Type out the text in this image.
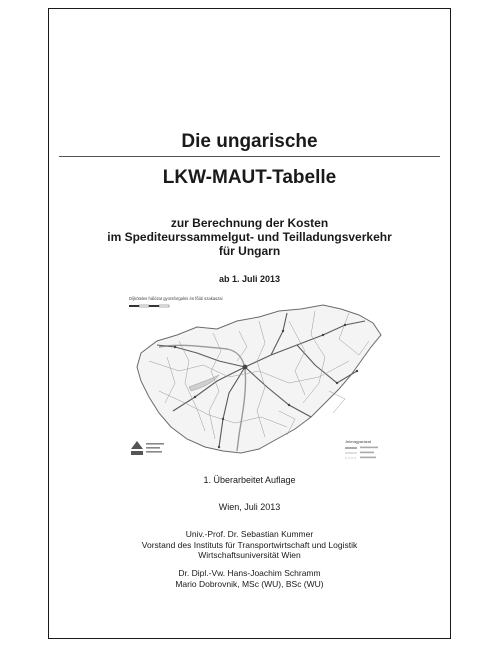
Die ungarische
LKW-MAUT-Tabelle
zur Berechnung der Kosten
im Spediteurssammelgut- und Teilladungsverkehr
für Ungarn
ab 1. Juli 2013
Díjköteles hálózat gyorsforgalmi és főúti szakaszai
Jelmagyarázat
1. Überarbeitet Auflage
Wien, Juli 2013
Univ.-Prof. Dr. Sebastian Kummer
Vorstand des Instituts für Transportwirtschaft und Logistik
Wirtschaftsuniversität Wien
Dr. Dipl.-Vw. Hans-Joachim Schramm
Mario Dobrovnik, MSc (WU), BSc (WU)
